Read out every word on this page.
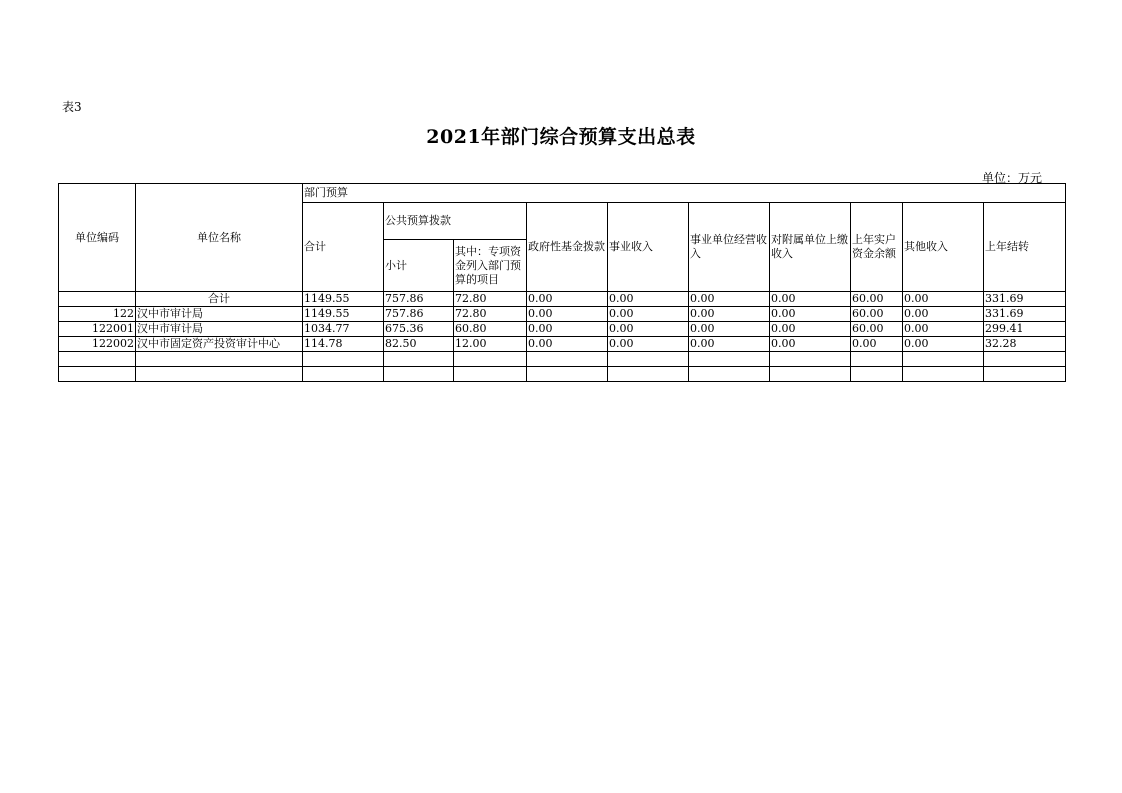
表3
2021年部门综合预算支出总表
单位：万元
单位编码	单位名称	部门预算									
		合计	公共预算拨款		政府性基金拨款	事业收入	事业单位经营收入	对附属单位上缴收入	上年实户资金余额	其他收入	上年结转
			小计	其中：专项资金列入部门预算的项目							
	合计	1149.55	757.86	72.80	0.00	0.00	0.00	0.00	60.00	0.00	331.69
122	汉中市审计局	1149.55	757.86	72.80	0.00	0.00	0.00	0.00	60.00	0.00	331.69
122001	汉中市审计局	1034.77	675.36	60.80	0.00	0.00	0.00	0.00	60.00	0.00	299.41
122002	汉中市固定资产投资审计中心	114.78	82.50	12.00	0.00	0.00	0.00	0.00	0.00	0.00	32.28
